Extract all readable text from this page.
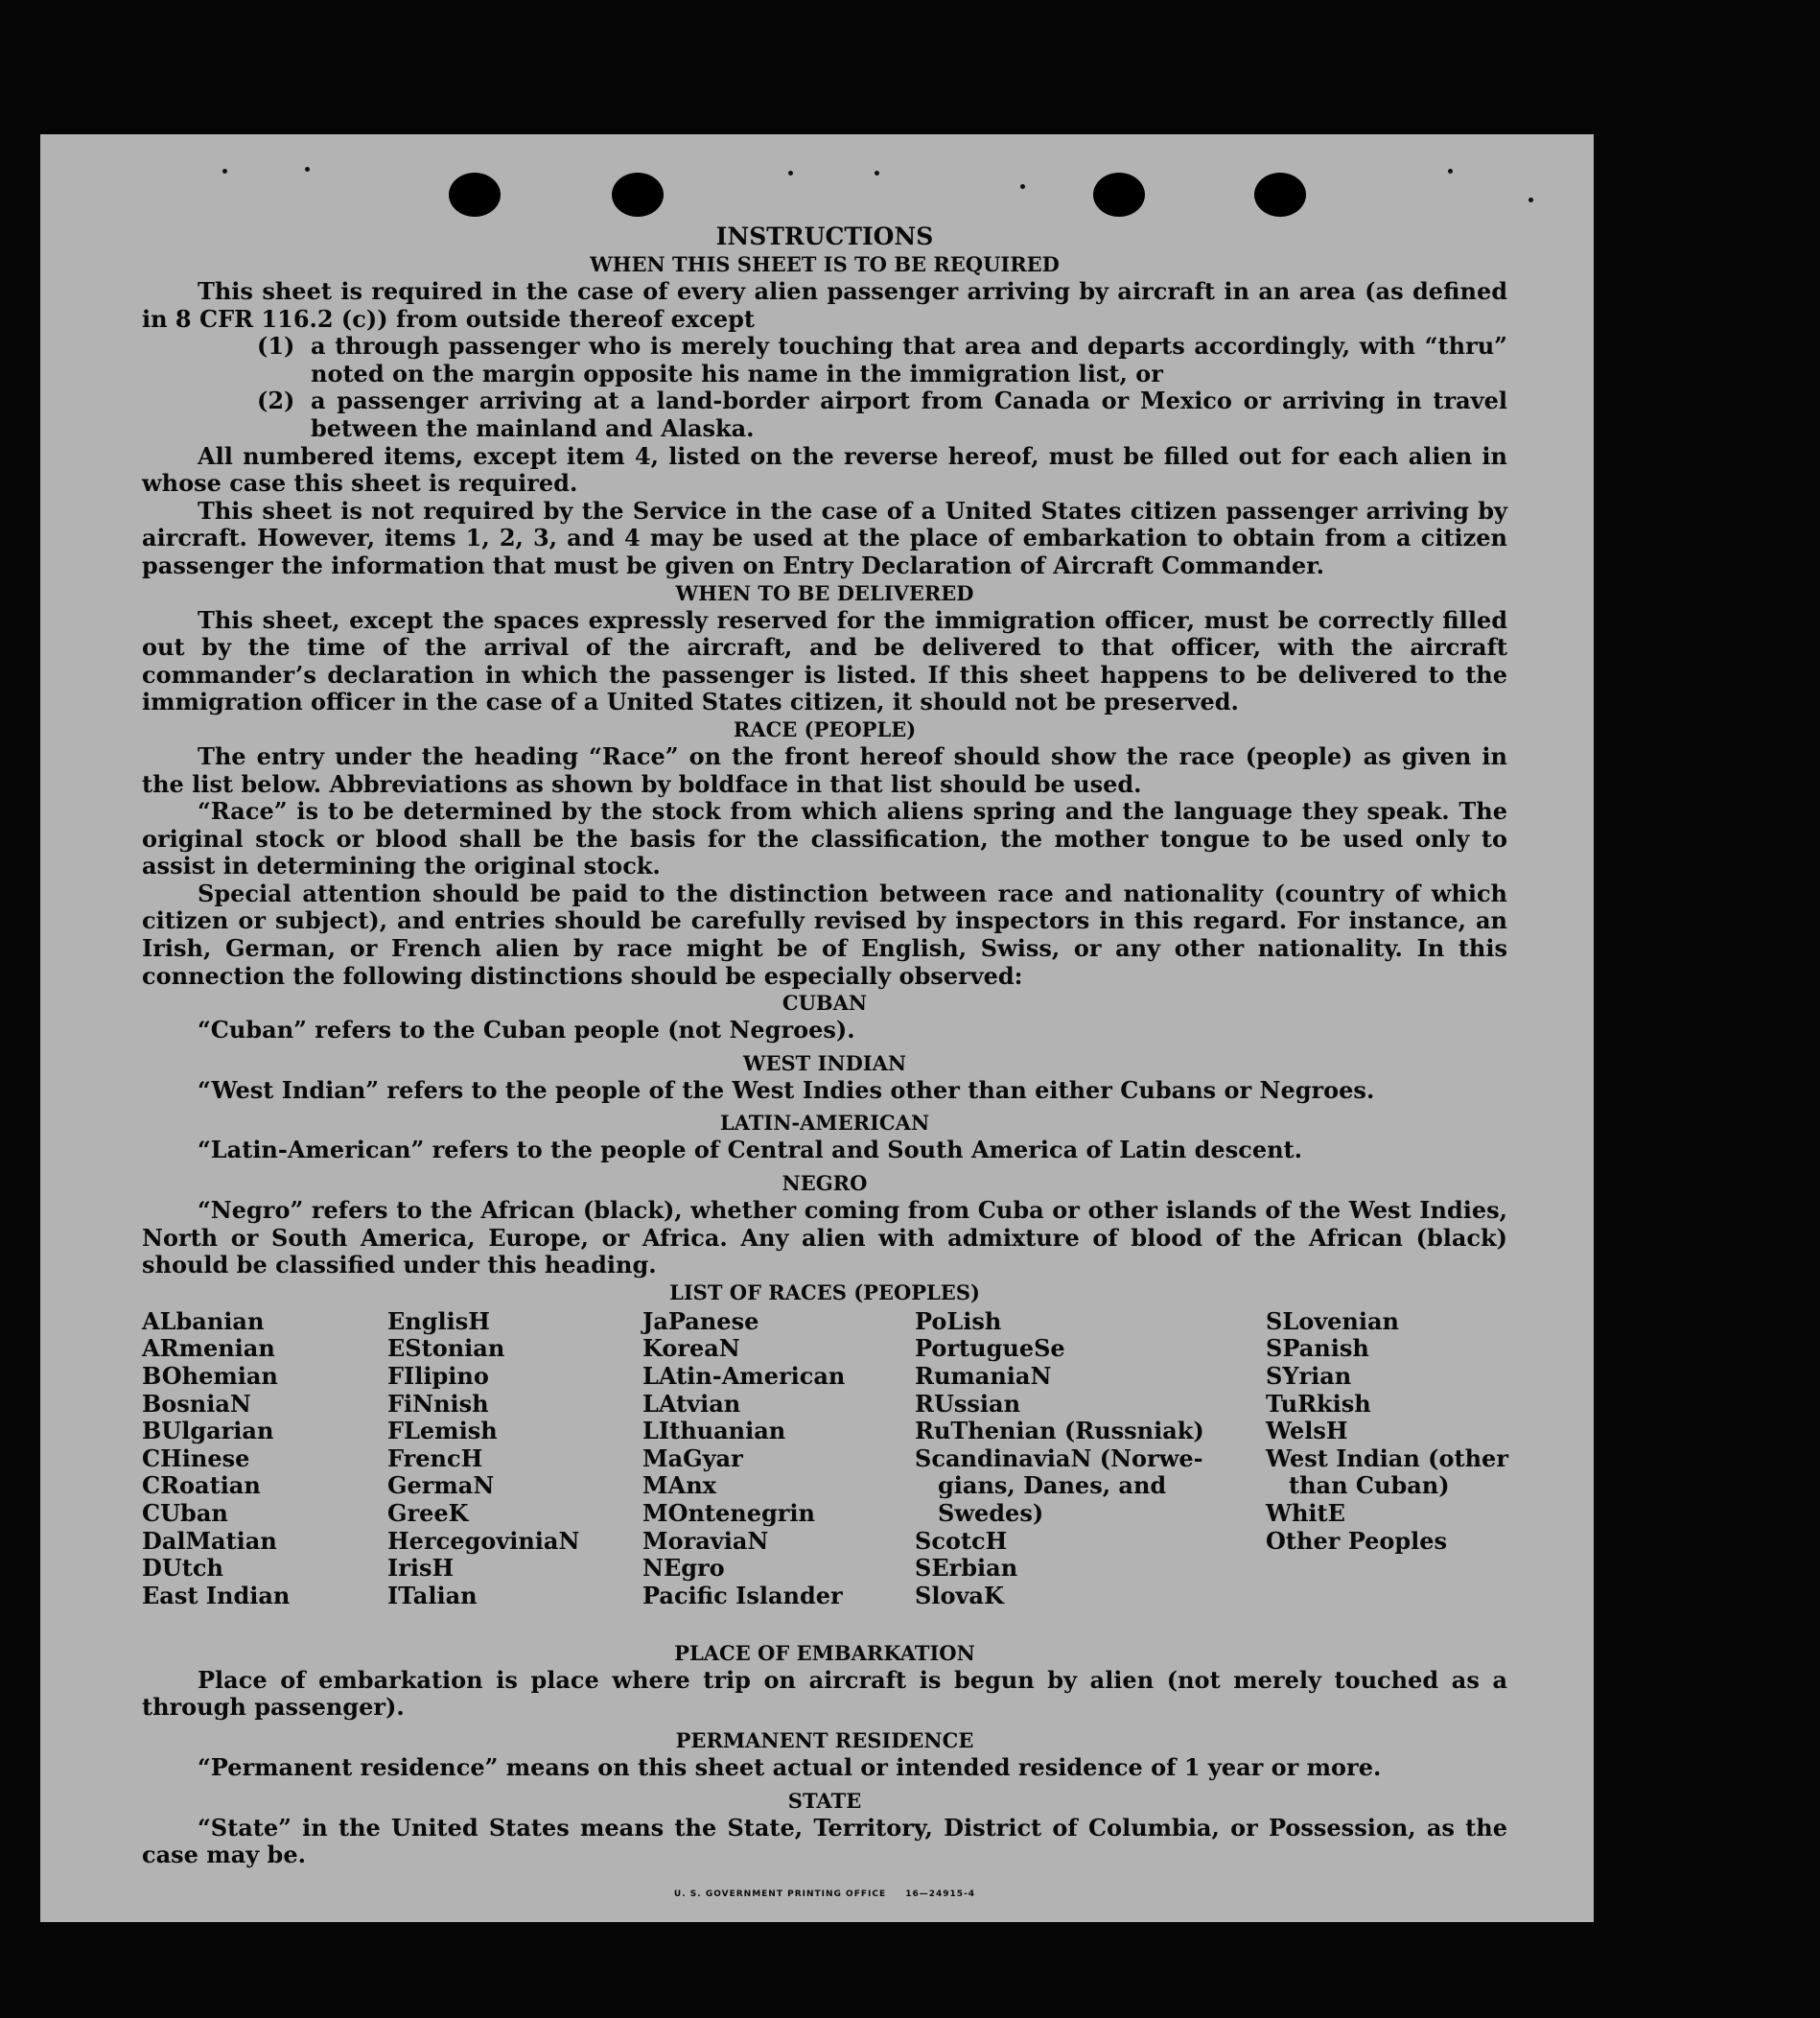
INSTRUCTIONS
WHEN THIS SHEET IS TO BE REQUIRED

This sheet is required in the case of every alien passenger arriving by aircraft in an area (as defined in 8 CFR 116.2 (c)) from outside thereof except

(1) a through passenger who is merely touching that area and departs accordingly, with “thru” noted on the margin opposite his name in the immigration list, or
(2) a passenger arriving at a land-border airport from Canada or Mexico or arriving in travel between the mainland and Alaska.

All numbered items, except item 4, listed on the reverse hereof, must be filled out for each alien in whose case this sheet is required.

This sheet is not required by the Service in the case of a United States citizen passenger arriving by aircraft. However, items 1, 2, 3, and 4 may be used at the place of embarkation to obtain from a citizen passenger the information that must be given on Entry Declaration of Aircraft Commander.

WHEN TO BE DELIVERED

This sheet, except the spaces expressly reserved for the immigration officer, must be correctly filled out by the time of the arrival of the aircraft, and be delivered to that officer, with the aircraft commander’s declaration in which the passenger is listed. If this sheet happens to be delivered to the immigration officer in the case of a United States citizen, it should not be preserved.

RACE (PEOPLE)

The entry under the heading “Race” on the front hereof should show the race (people) as given in the list below. Abbreviations as shown by boldface in that list should be used.

“Race” is to be determined by the stock from which aliens spring and the language they speak. The original stock or blood shall be the basis for the classification, the mother tongue to be used only to assist in determining the original stock.

Special attention should be paid to the distinction between race and nationality (country of which citizen or subject), and entries should be carefully revised by inspectors in this regard. For instance, an Irish, German, or French alien by race might be of English, Swiss, or any other nationality. In this connection the following distinctions should be especially observed:

CUBAN

“Cuban” refers to the Cuban people (not Negroes).

WEST INDIAN

“West Indian” refers to the people of the West Indies other than either Cubans or Negroes.

LATIN-AMERICAN

“Latin-American” refers to the people of Central and South America of Latin descent.

NEGRO

“Negro” refers to the African (black), whether coming from Cuba or other islands of the West Indies, North or South America, Europe, or Africa. Any alien with admixture of blood of the African (black) should be classified under this heading.

LIST OF RACES (PEOPLES)
ALbanian
ARmenian
BOhemian
BosniaN
BUlgarian
CHinese
CRoatian
CUban
DalMatian
DUtch
East Indian
EnglisH
EStonian
FIlipino
FiNnish
FLemish
FrencH
GermaN
GreeK
HercegoviniaN
IrisH
ITalian
JaPanese
KoreaN
LAtin-American
LAtvian
LIthuanian
MaGyar
MAnx
MOntenegrin
MoraviaN
NEgro
Pacific Islander
PoLish
PortugueSe
RumaniaN
RUssian
RuThenian (Russniak)
ScandinaviaN (Norwe-
 gians, Danes, and
 Swedes)
ScotcH
SErbian
SlovaK
SLovenian
SPanish
SYrian
TuRkish
WelsH
West Indian (other
 than Cuban)
WhitE
Other Peoples
PLACE OF EMBARKATION

Place of embarkation is place where trip on aircraft is begun by alien (not merely touched as a through passenger).

PERMANENT RESIDENCE

“Permanent residence” means on this sheet actual or intended residence of 1 year or more.

STATE

“State” in the United States means the State, Territory, District of Columbia, or Possession, as the case may be.

U. S. GOVERNMENT PRINTING OFFICE 16—24915-4
